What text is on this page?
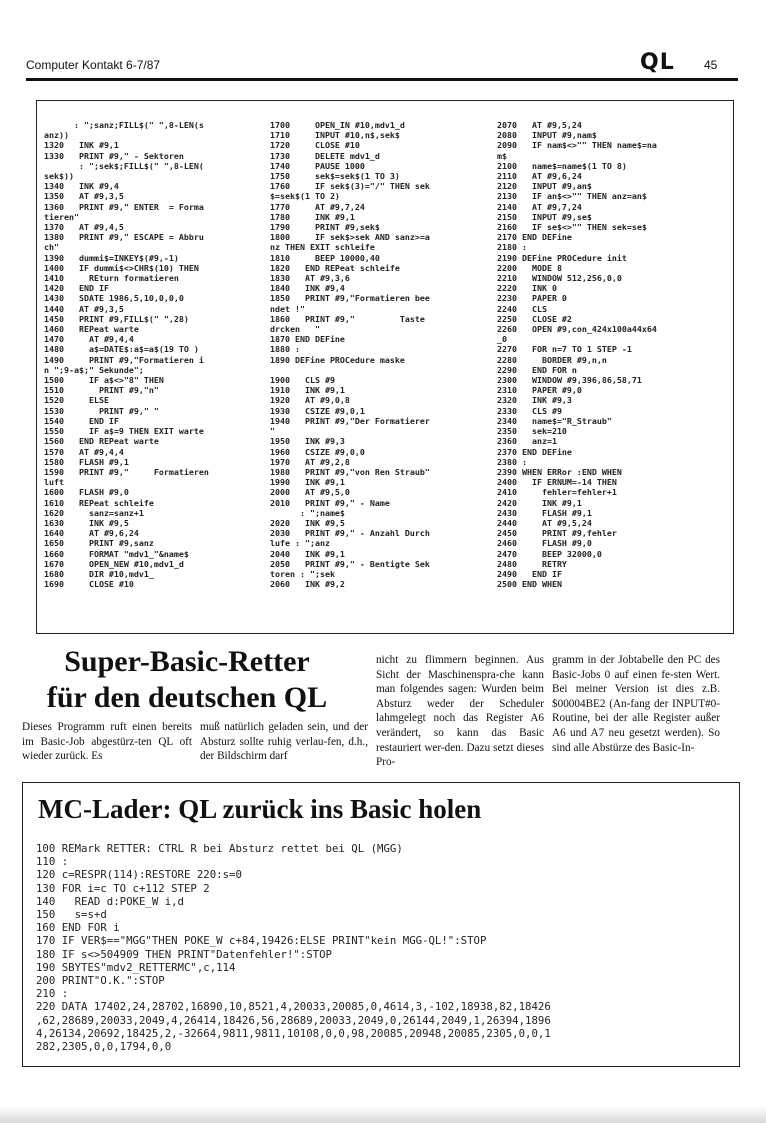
Computer Kontakt 6-7/87	QL 45
: ";sanz;FILL$(" ",8-LEN(s
anz))
1320   INK #9,1
1330   PRINT #9," - Sektoren
: ";sek$;FILL$(" ",8-LEN(
sek$))
1340   INK #9,4
1350   AT #9,3,5
1360   PRINT #9," ENTER  = Forma
tieren"
1370   AT #9,4,5
1380   PRINT #9," ESCAPE = Abbru
ch"
1390   dummi$=INKEY$(#9,-1)
1400   IF dummi$<>CHR$(10) THEN
1410     REturn formatieren
1420   END IF
1430   SDATE 1986,5,10,0,0,0
1440   AT #9,3,5
1450   PRINT #9,FILL$(" ",28)
1460   REPeat warte
1470     AT #9,4,4
1480     a$=DATE$:a$=a$(19 TO )
1490     PRINT #9,"Formatieren i
n ";9-a$;" Sekunde";
1500     IF a$<>"8" THEN
1510       PRINT #9,"n"
1520     ELSE
1530       PRINT #9," "
1540     END IF
1550     IF a$=9 THEN EXIT warte
1560   END REPeat warte
1570   AT #9,4,4
1580   FLASH #9,1
1590   PRINT #9,"     Formatieren
luft
1600   FLASH #9,0
1610   REPeat schleife
1620     sanz=sanz+1
1630     INK #9,5
1640     AT #9,6,24
1650     PRINT #9,sanz
1660     FORMAT "mdv1_"&name$
1670     OPEN_NEW #10,mdv1_d
1680     DIR #10,mdv1_
1690     CLOSE #10
1700     OPEN_IN #10,mdv1_d
1710     INPUT #10,n$,sek$
1720     CLOSE #10
1730     DELETE mdv1_d
1740     PAUSE 1000
1750     sek$=sek$(1 TO 3)
1760     IF sek$(3)="/" THEN sek
$=sek$(1 TO 2)
1770     AT #9,7,24
1780     INK #9,1
1790     PRINT #9,sek$
1800     IF sek$>sek AND sanz>=a
nz THEN EXIT schleife
1810     BEEP 10000,40
1820   END REPeat schleife
1830   AT #9,3,6
1840   INK #9,4
1850   PRINT #9,"Formatieren bee
ndet !"
1860   PRINT #9,"         Taste
drcken   "
1870 END DEFine
1880 :
1890 DEFine PROCedure maske

1900   CLS #9
1910   INK #9,1
1920   AT #9,0,8
1930   CSIZE #9,0,1
1940   PRINT #9,"Der Formatierer
"
1950   INK #9,3
1960   CSIZE #9,0,0
1970   AT #9,2,8
1980   PRINT #9,"von Ren Straub"
1990   INK #9,1
2000   AT #9,5,0
2010   PRINT #9," - Name
: ";name$
2020   INK #9,5
2030   PRINT #9," - Anzahl Durch
lufe : ";anz
2040   INK #9,1
2050   PRINT #9," - Bentigte Sek
toren : ";sek
2060   INK #9,2
2070   AT #9,5,24
2080   INPUT #9,nam$
2090   IF nam$<>"" THEN name$=na
m$
2100   name$=name$(1 TO 8)
2110   AT #9,6,24
2120   INPUT #9,an$
2130   IF an$<>"" THEN anz=an$
2140   AT #9,7,24
2150   INPUT #9,se$
2160   IF se$<>"" THEN sek=se$
2170 END DEFine
2180 :
2190 DEFine PROCedure init
2200   MODE 8
2210   WINDOW 512,256,0,0
2220   INK 0
2230   PAPER 0
2240   CLS
2250   CLOSE #2
2260   OPEN #9,con_424x100a44x64
_0
2270   FOR n=7 TO 1 STEP -1
2280     BORDER #9,n,n
2290   END FOR n
2300   WINDOW #9,396,86,58,71
2310   PAPER #9,0
2320   INK #9,3
2330   CLS #9
2340   name$="R_Straub"
2350   sek=210
2360   anz=1
2370 END DEFine
2380 :
2390 WHEN ERRor :END WHEN
2400   IF ERNUM=-14 THEN
2410     fehler=fehler+1
2420     INK #9,1
2430     FLASH #9,1
2440     AT #9,5,24
2450     PRINT #9,fehler
2460     FLASH #9,0
2470     BEEP 32000,0
2480     RETRY
2490   END IF
2500 END WHEN
Super-Basic-Retter
für den deutschen QL
Dieses Programm ruft einen bereits im Basic-Job abgestürz-ten QL oft wieder zurück. Es
muß natürlich geladen sein, und der Absturz sollte ruhig verlau-fen, d.h., der Bildschirm darf
nicht zu flimmern beginnen. Aus Sicht der Maschinenspra-che kann man folgendes sagen: Wurden beim Absturz weder der Scheduler lahmgelegt noch das Register A6 verändert, so kann das Basic restauriert wer-den. Dazu setzt dieses Pro-
gramm in der Jobtabelle den PC des Basic-Jobs 0 auf einen fe-sten Wert. Bei meiner Version ist dies z.B. $00004BE2 (An-fang der INPUT#0-Routine, bei der alle Register außer A6 und A7 neu gesetzt werden). So sind alle Abstürze des Basic-In-
MC-Lader: QL zurück ins Basic holen
100 REMark RETTER: CTRL R bei Absturz rettet bei QL (MGG)
110 :
120 c=RESPR(114):RESTORE 220:s=0
130 FOR i=c TO c+112 STEP 2
140   READ d:POKE_W i,d
150   s=s+d
160 END FOR i
170 IF VER$=="MGG"THEN POKE_W c+84,19426:ELSE PRINT"kein MGG-QL!":STOP
180 IF s<>504909 THEN PRINT"Datenfehler!":STOP
190 SBYTES"mdv2_RETTERMC",c,114
200 PRINT"O.K.":STOP
210 :
220 DATA 17402,24,28702,16890,10,8521,4,20033,20085,0,4614,3,-102,18938,82,18426
,62,28689,20033,2049,4,26414,18426,56,28689,20033,2049,0,26144,2049,1,26394,1896
4,26134,20692,18425,2,-32664,9811,9811,10108,0,0,98,20085,20948,20085,2305,0,0,1
282,2305,0,0,1794,0,0
